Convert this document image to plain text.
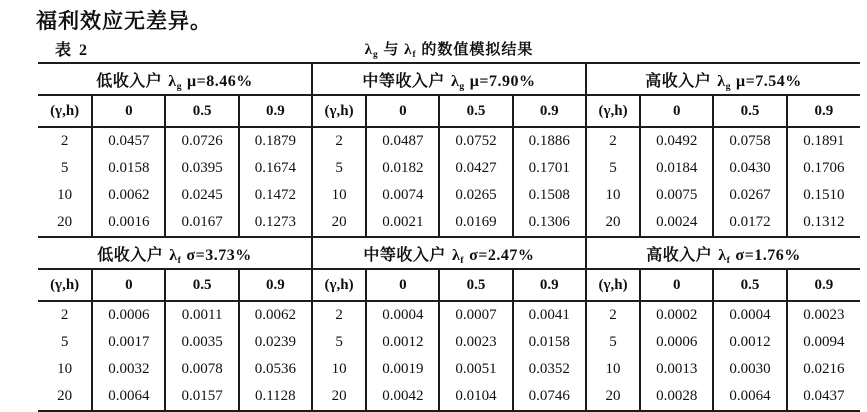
福利效应无差异。
表 2	$\lambda_g$ 与 $\lambda_f$ 的数值模拟结果
低收入户 $\lambda_g$ μ=8.46%				中等收入户 $\lambda_g$ μ=7.90%				高收入户 $\lambda_g$ μ=7.54%			
(γ,h)	0	0.5	0.9	(γ,h)	0	0.5	0.9	(γ,h)	0	0.5	0.9
2	0.0457	0.0726	0.1879	2	0.0487	0.0752	0.1886	2	0.0492	0.0758	0.1891
5	0.0158	0.0395	0.1674	5	0.0182	0.0427	0.1701	5	0.0184	0.0430	0.1706
10	0.0062	0.0245	0.1472	10	0.0074	0.0265	0.1508	10	0.0075	0.0267	0.1510
20	0.0016	0.0167	0.1273	20	0.0021	0.0169	0.1306	20	0.0024	0.0172	0.1312
低收入户 $\lambda_f$ σ=3.73%				中等收入户 $\lambda_f$ σ=2.47%				高收入户 $\lambda_f$ σ=1.76%			
(γ,h)	0	0.5	0.9	(γ,h)	0	0.5	0.9	(γ,h)	0	0.5	0.9
2	0.0006	0.0011	0.0062	2	0.0004	0.0007	0.0041	2	0.0002	0.0004	0.0023
5	0.0017	0.0035	0.0239	5	0.0012	0.0023	0.0158	5	0.0006	0.0012	0.0094
10	0.0032	0.0078	0.0536	10	0.0019	0.0051	0.0352	10	0.0013	0.0030	0.0216
20	0.0064	0.0157	0.1128	20	0.0042	0.0104	0.0746	20	0.0028	0.0064	0.0437
